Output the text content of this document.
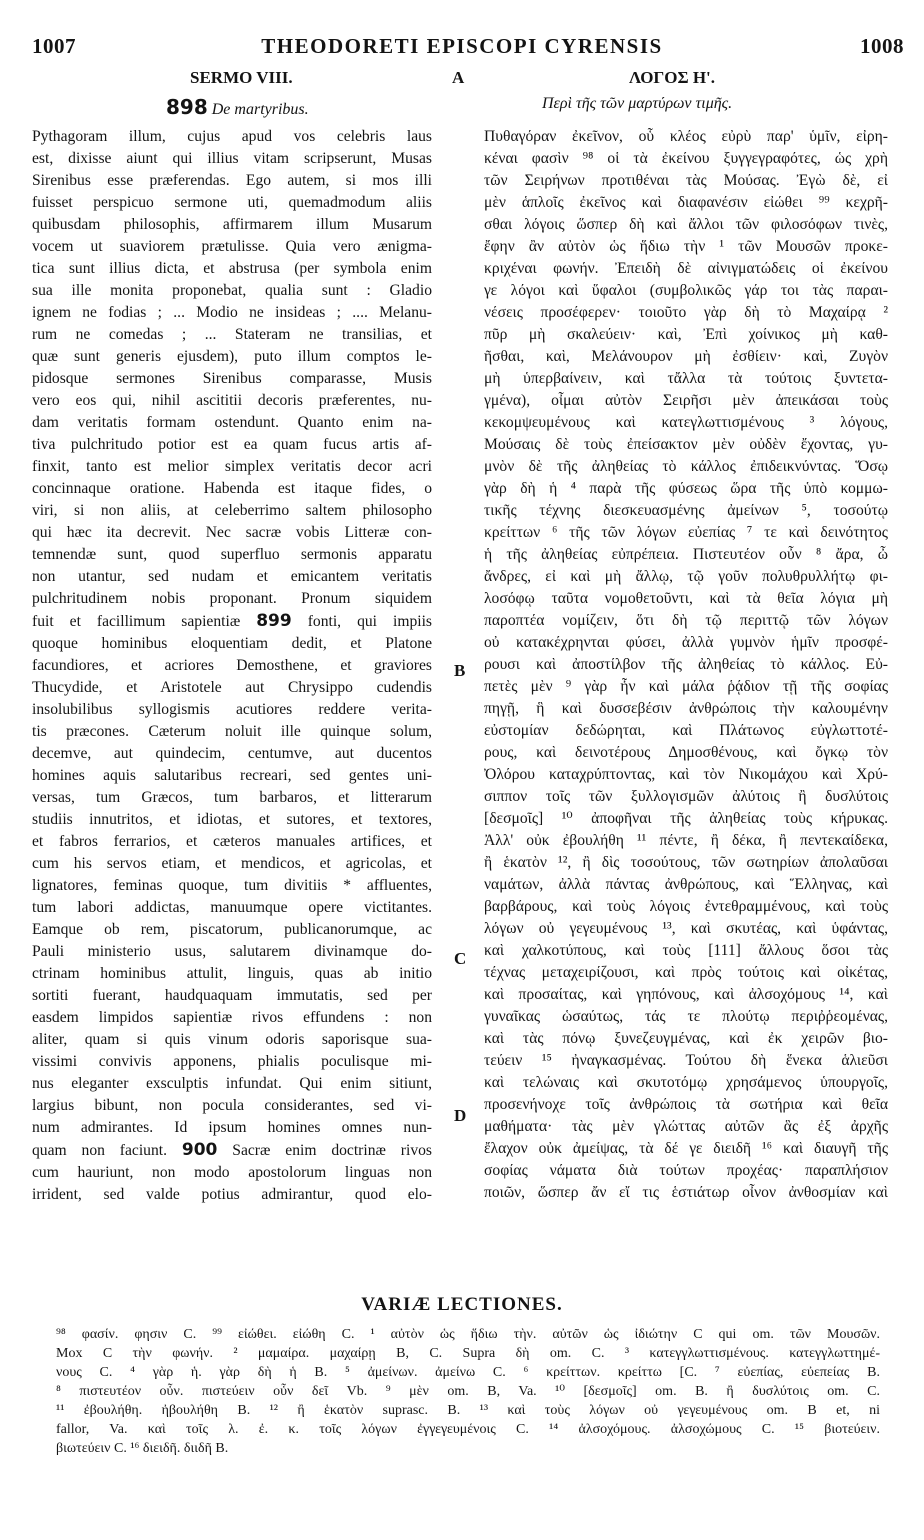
1007	THEODORETI EPISCOPI CYRENSIS	1008
SERMO VIII.	A	ΛΟΓΟΣ Η'.
898 De martyribus.	Περὶ τῆς τῶν μαρτύρων τιμῆς.
Pythagoram illum, cujus apud vos celebris laus
est, dixisse aiunt qui illius vitam scripserunt, Musas
Sirenibus esse præferendas. Ego autem, si mos illi
fuisset perspicuo sermone uti, quemadmodum aliis
quibusdam philosophis, affirmarem illum Musarum
vocem ut suaviorem prætulisse. Quia vero ænigma-
tica sunt illius dicta, et abstrusa (per symbola enim
sua ille monita proponebat, qualia sunt : Gladio
ignem ne fodias ; ... Modio ne insideas ; .... Melanu-
rum ne comedas ; ... Stateram ne transilias, et
quæ sunt generis ejusdem), puto illum comptos le-
pidosque sermones Sirenibus comparasse, Musis
vero eos qui, nihil ascititii decoris præferentes, nu-
dam veritatis formam ostendunt. Quanto enim na-
tiva pulchritudo potior est ea quam fucus artis af-
finxit, tanto est melior simplex veritatis decor acri
concinnaque oratione. Habenda est itaque fides, o
viri, si non aliis, at celeberrimo saltem philosopho
qui hæc ita decrevit. Nec sacræ vobis Litteræ con-
temnendæ sunt, quod superfluo sermonis apparatu
non utantur, sed nudam et emicantem veritatis
pulchritudinem nobis proponant. Pronum siquidem
fuit et facillimum sapientiæ 899 fonti, qui impiis
quoque hominibus eloquentiam dedit, et Platone
facundiores, et acriores Demosthene, et graviores
Thucydide, et Aristotele aut Chrysippo cudendis
insolubilibus syllogismis acutiores reddere verita-
tis præcones. Cæterum noluit ille quinque solum,
decemve, aut quindecim, centumve, aut ducentos
homines aquis salutaribus recreari, sed gentes uni-
versas, tum Græcos, tum barbaros, et litterarum
studiis innutritos, et idiotas, et sutores, et textores,
et fabros ferrarios, et cæteros manuales artifices, et
cum his servos etiam, et mendicos, et agricolas, et
lignatores, feminas quoque, tum divitiis * affluentes,
tum labori addictas, manuumque opere victitantes.
Eamque ob rem, piscatorum, publicanorumque, ac
Pauli ministerio usus, salutarem divinamque do-
ctrinam hominibus attulit, linguis, quas ab initio
sortiti fuerant, haudquaquam immutatis, sed per
easdem limpidos sapientiæ rivos effundens : non
aliter, quam si quis vinum odoris saporisque sua-
vissimi convivis apponens, phialis poculisque mi-
nus eleganter exsculptis infundat. Qui enim sitiunt,
largius bibunt, non pocula considerantes, sed vi-
num admirantes. Id ipsum homines omnes nun-
quam non faciunt. 900 Sacræ enim doctrinæ rivos
cum hauriunt, non modo apostolorum linguas non
irrident, sed valde potius admirantur, quod elo-
B
C
D
Πυθαγόραν ἐκεῖνον, οὗ κλέος εὐρὺ παρ' ὑμῖν, εἰρη-
κέναι φασὶν ⁹⁸ οἱ τὰ ἐκείνου ξυγγεγραφότες, ὡς χρὴ
τῶν Σειρήνων προτιθέναι τὰς Μούσας. Ἐγὼ δὲ, εἰ
μὲν ἁπλοῖς ἐκεῖνος καὶ διαφανέσιν εἰώθει ⁹⁹ κεχρῆ-
σθαι λόγοις ὥσπερ δὴ καὶ ἄλλοι τῶν φιλοσόφων τινὲς,
ἔφην ἂν αὐτὸν ὡς ἥδιω τὴν ¹ τῶν Μουσῶν προκε-
κριχέναι φωνήν. Ἐπειδὴ δὲ αἰνιγματώδεις οἱ ἐκείνου
γε λόγοι καὶ ὕφαλοι (συμβολικῶς γάρ τοι τὰς παραι-
νέσεις προσέφερεν· τοιοῦτο γὰρ δὴ τὸ Μαχαίρᾳ ²
πῦρ μὴ σκαλεύειν· καὶ, Ἐπὶ χοίνικος μὴ καθ-
ῆσθαι, καὶ, Μελάνουρον μὴ ἐσθίειν· καὶ, Ζυγὸν
μὴ ὑπερβαίνειν, καὶ τἄλλα τὰ τούτοις ξυντετα-
γμένα), οἶμαι αὐτὸν Σειρῆσι μὲν ἀπεικάσαι τοὺς
κεκομψευμένους καὶ κατεγλωττισμένους ³ λόγους,
Μούσαις δὲ τοὺς ἐπείσακτον μὲν οὐδὲν ἔχοντας, γυ-
μνὸν δὲ τῆς ἀληθείας τὸ κάλλος ἐπιδεικνύντας. Ὅσῳ
γὰρ δὴ ἡ ⁴ παρὰ τῆς φύσεως ὥρα τῆς ὑπὸ κομμω-
τικῆς τέχνης διεσκευασμένης ἀμείνων ⁵, τοσούτῳ
κρείττων ⁶ τῆς τῶν λόγων εὐεπίας ⁷ τε καὶ δεινότητος
ἡ τῆς ἀληθείας εὐπρέπεια. Πιστευτέον οὖν ⁸ ἄρα, ὦ
ἄνδρες, εἰ καὶ μὴ ἄλλῳ, τῷ γοῦν πολυθρυλλήτῳ φι-
λοσόφῳ ταῦτα νομοθετοῦντι, καὶ τὰ θεῖα λόγια μὴ
παροπτέα νομίζειν, ὅτι δὴ τῷ περιττῷ τῶν λόγων
οὐ κατακέχρηνται φύσει, ἀλλὰ γυμνὸν ἡμῖν προσφέ-
ρουσι καὶ ἀποστίλβον τῆς ἀληθείας τὸ κάλλος. Εὐ-
πετὲς μὲν ⁹ γὰρ ἦν καὶ μάλα ῥᾴδιον τῇ τῆς σοφίας
πηγῇ, ἣ καὶ δυσσεβέσιν ἀνθρώποις τὴν καλουμένην
εὐστομίαν δεδώρηται, καὶ Πλάτωνος εὐγλωττοτέ-
ρους, καὶ δεινοτέρους Δημοσθένους, καὶ ὄγκῳ τὸν
Ὀλόρου καταχρύπτοντας, καὶ τὸν Νικομάχου καὶ Χρύ-
σιππον τοῖς τῶν ξυλλογισμῶν ἀλύτοις ἢ δυσλύτοις
[δεσμοῖς] ¹⁰ ἀποφῆναι τῆς ἀληθείας τοὺς κήρυκας.
Ἀλλ' οὐκ ἐβουλήθη ¹¹ πέντε, ἢ δέκα, ἢ πεντεκαίδεκα,
ἢ ἑκατὸν ¹², ἢ δὶς τοσούτους, τῶν σωτηρίων ἀπολαῦσαι
ναμάτων, ἀλλὰ πάντας ἀνθρώπους, καὶ Ἕλληνας, καὶ
βαρβάρους, καὶ τοὺς λόγοις ἐντεθραμμένους, καὶ τοὺς
λόγων οὐ γεγευμένους ¹³, καὶ σκυτέας, καὶ ὑφάντας,
καὶ χαλκοτύπους, καὶ τοὺς [111] ἄλλους ὅσοι τὰς
τέχνας μεταχειρίζουσι, καὶ πρὸς τούτοις καὶ οἰκέτας,
καὶ προσαίτας, καὶ γηπόνους, καὶ ἀλσοχόμους ¹⁴, καὶ
γυναῖκας ὡσαύτως, τάς τε πλούτῳ περιῤῥεομένας,
καὶ τὰς πόνῳ ξυνεζευγμένας, καὶ ἐκ χειρῶν βιο-
τεύειν ¹⁵ ἠναγκασμένας. Τούτου δὴ ἕνεκα ἁλιεῦσι
καὶ τελώναις καὶ σκυτοτόμῳ χρησάμενος ὑπουργοῖς,
προσενήνοχε τοῖς ἀνθρώποις τὰ σωτήρια καὶ θεῖα
μαθήματα· τὰς μὲν γλώττας αὐτῶν ἃς ἐξ ἀρχῆς
ἔλαχον οὐκ ἀμείψας, τὰ δέ γε διειδῆ ¹⁶ καὶ διαυγῆ τῆς
σοφίας νάματα διὰ τούτων προχέας· παραπλήσιον
ποιῶν, ὥσπερ ἄν εἴ τις ἑστιάτωρ οἶνον ἀνθοσμίαν καὶ
VARIÆ LECTIONES.
⁹⁸ φασίν. φησιν C. ⁹⁹ εἰώθει. εἰώθη C. ¹ αὐτὸν ὡς ἥδιω τὴν. αὐτῶν ὡς ἰδιώτην C qui om. τῶν Μουσῶν.
Mox C τὴν φωνήν. ² μαμαίρα. μαχαίρῃ B, C. Supra δὴ om. C. ³ κατεγγλωττισμένους. κατεγγλωττημέ-
νους C. ⁴ γὰρ ἡ. γὰρ δὴ ἡ B. ⁵ ἀμείνων. ἀμείνω C. ⁶ κρείττων. κρείττω [C. ⁷ εὐεπίας, εὐεπείας B.
⁸ πιστευτέον οὖν. πιστεύειν οὖν δεῖ Vb. ⁹ μὲν om. B, Va. ¹⁰ [δεσμοῖς] om. B. ἢ δυσλύτοις om. C.
¹¹ ἐβουλήθη. ἠβουλήθη B. ¹² ἢ ἑκατὸν suprasc. B. ¹³ καὶ τοὺς λόγων οὐ γεγευμένους om. B et, ni
fallor, Va. καὶ τοῖς λ. ἐ. κ. τοῖς λόγων ἐγγεγευμένοις C. ¹⁴ ἀλσοχόμους. ἀλσοχώμους C. ¹⁵ βιοτεύειν.
βιωτεύειν C. ¹⁶ διειδῆ. διιδῆ B.
